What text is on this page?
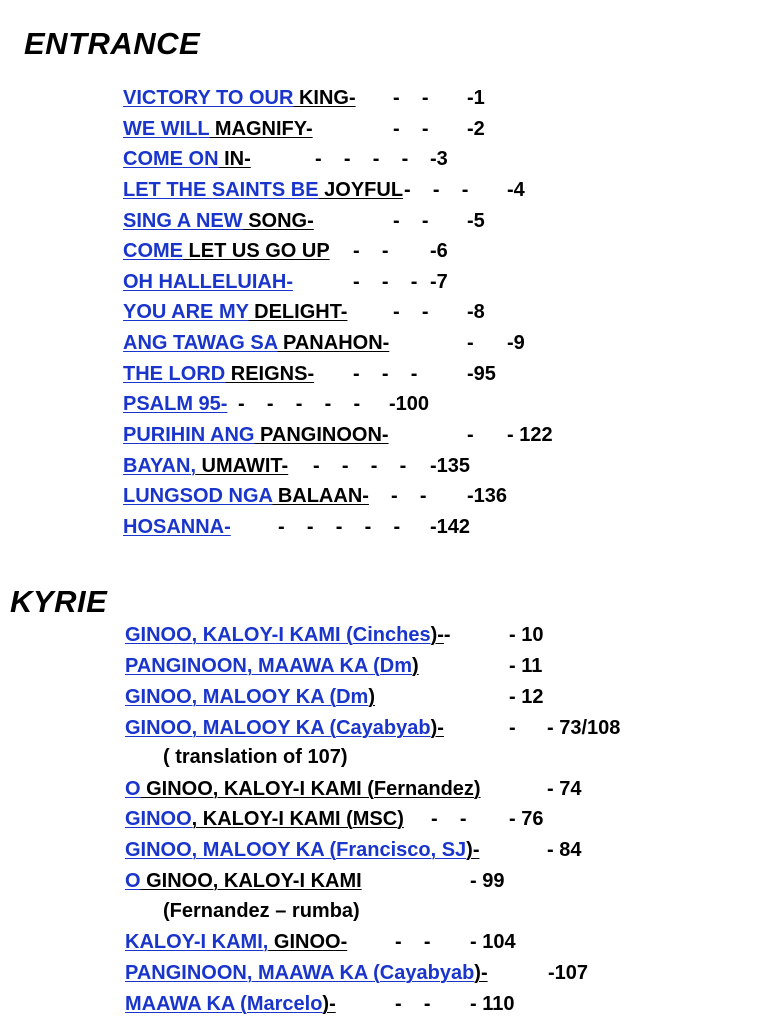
ENTRANCE
VICTORY TO OUR KING- -    - -1
WE WILL MAGNIFY-	-    - -2
COME ON IN-	-    -    -    - -3
LET THE SAINTS BE JOYFUL -    -    - -4
SING A NEW SONG-	-    - -5
COME LET US GO UP -    - -6
OH HALLELUIAH-	-    -    - -7
YOU ARE MY DELIGHT- -    - -8
ANG TAWAG SA PANAHON-	- -9
THE LORD REIGNS- -    -    - -95
PSALM 95- -    -    -    -    - -100
PURIHIN ANG PANGINOON-	- - 122
BAYAN, UMAWIT- -    -    -    - -135
LUNGSOD NGA BALAAN- -    - -136
HOSANNA- -    -    -    -    - -142
KYRIE
GINOO, KALOY-I KAMI (Cinches)--	- 10
PANGINOON, MAAWA KA (Dm)	- 11
GINOO, MALOOY KA (Dm)	- 12
GINOO, MALOOY KA (Cayabyab)-	- - 73/108
( translation of 107)
O GINOO, KALOY-I KAMI (Fernandez)	- 74
GINOO, KALOY-I KAMI (MSC) -    - - 76
GINOO, MALOOY KA (Francisco, SJ)-	- 84
O GINOO, KALOY-I KAMI	- 99
(Fernandez – rumba)
KALOY-I KAMI, GINOO- -    - - 104
PANGINOON, MAAWA KA (Cayabyab)-	-107
MAAWA KA (Marcelo)-	-    - - 110
